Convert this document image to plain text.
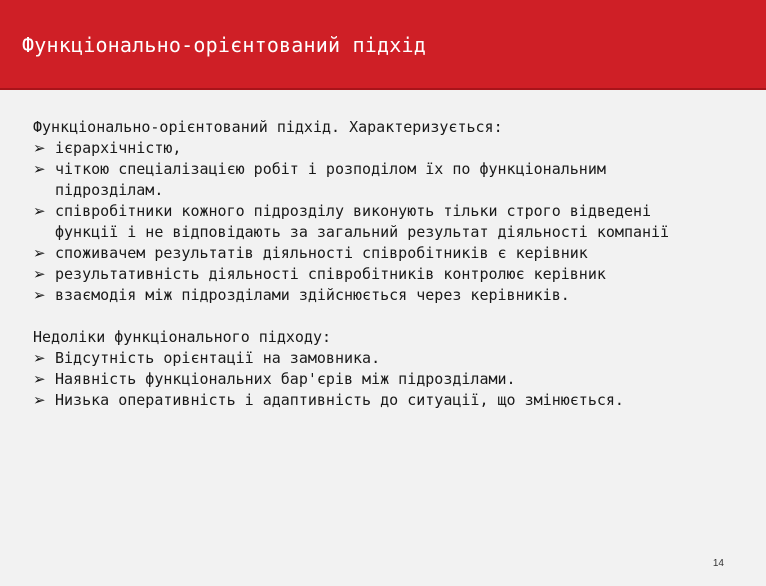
Функціонально-орієнтований підхід
Функціонально-орієнтований підхід. Характеризується:
➢ ієрархічністю,
➢ чіткою спеціалізацією робіт і розподілом їх по функціональним
підрозділам.
➢ співробітники кожного підрозділу виконують тільки строго відведені
функції і не відповідають за загальний результат діяльності компанії
➢ споживачем результатів діяльності співробітників є керівник
➢ результативність діяльності співробітників контролює керівник
➢ взаємодія між підрозділами здійснюється через керівників.
Недоліки функціонального підходу:
➢ Відсутність орієнтації на замовника.
➢ Наявність функціональних бар'єрів між підрозділами.
➢ Низька оперативність і адаптивність до ситуації, що змінюється.
14
